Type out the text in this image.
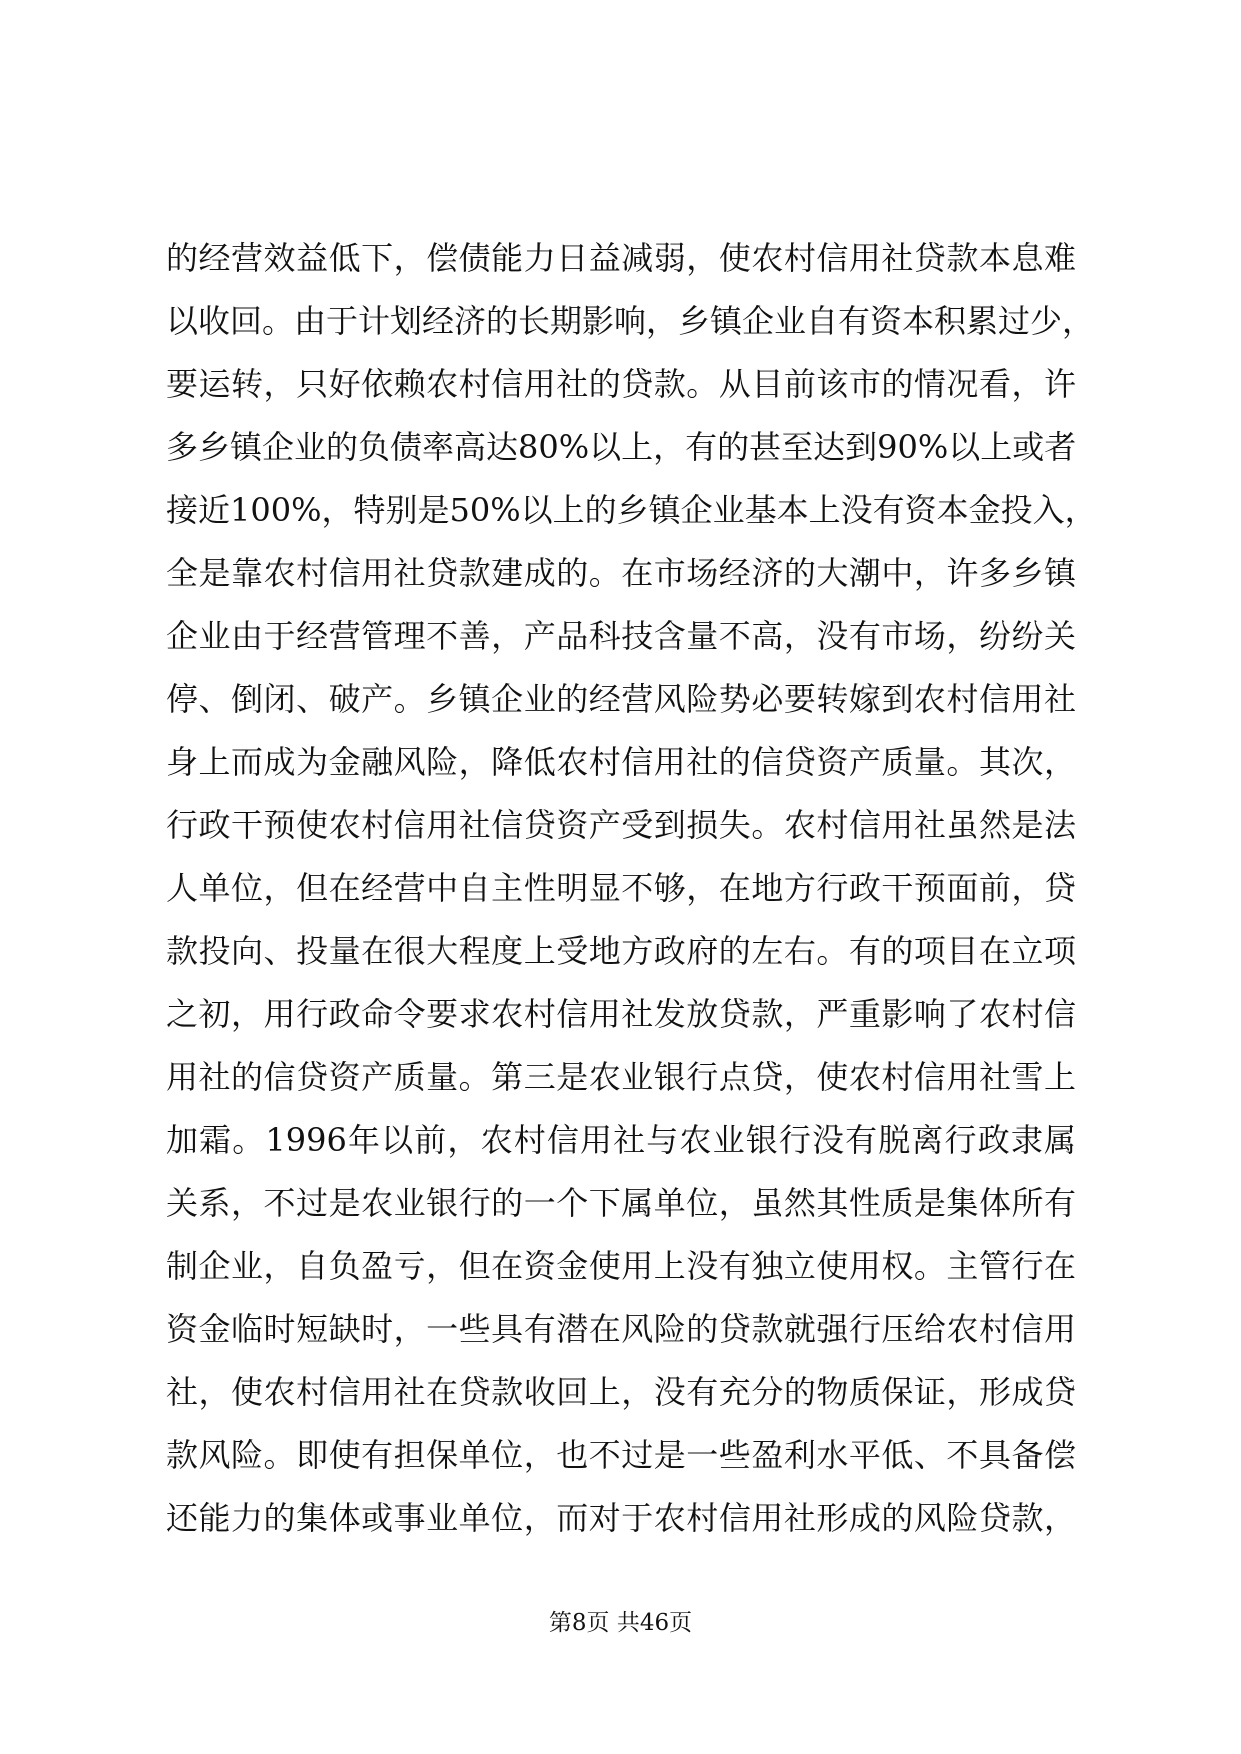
的经营效益低下，偿债能力日益减弱，使农村信用社贷款本息难
以收回。由于计划经济的长期影响，乡镇企业自有资本积累过少，
要运转，只好依赖农村信用社的贷款。从目前该市的情况看，许
多乡镇企业的负债率高达80%以上，有的甚至达到90%以上或者
接近100%，特别是50%以上的乡镇企业基本上没有资本金投入，
全是靠农村信用社贷款建成的。在市场经济的大潮中，许多乡镇
企业由于经营管理不善，产品科技含量不高，没有市场，纷纷关
停、倒闭、破产。乡镇企业的经营风险势必要转嫁到农村信用社
身上而成为金融风险，降低农村信用社的信贷资产质量。其次，
行政干预使农村信用社信贷资产受到损失。农村信用社虽然是法
人单位，但在经营中自主性明显不够，在地方行政干预面前，贷
款投向、投量在很大程度上受地方政府的左右。有的项目在立项
之初，用行政命令要求农村信用社发放贷款，严重影响了农村信
用社的信贷资产质量。第三是农业银行点贷，使农村信用社雪上
加霜。1996年以前，农村信用社与农业银行没有脱离行政隶属
关系，不过是农业银行的一个下属单位，虽然其性质是集体所有
制企业，自负盈亏，但在资金使用上没有独立使用权。主管行在
资金临时短缺时，一些具有潜在风险的贷款就强行压给农村信用
社，使农村信用社在贷款收回上，没有充分的物质保证，形成贷
款风险。即使有担保单位，也不过是一些盈利水平低、不具备偿
还能力的集体或事业单位，而对于农村信用社形成的风险贷款，
第8页 共46页
